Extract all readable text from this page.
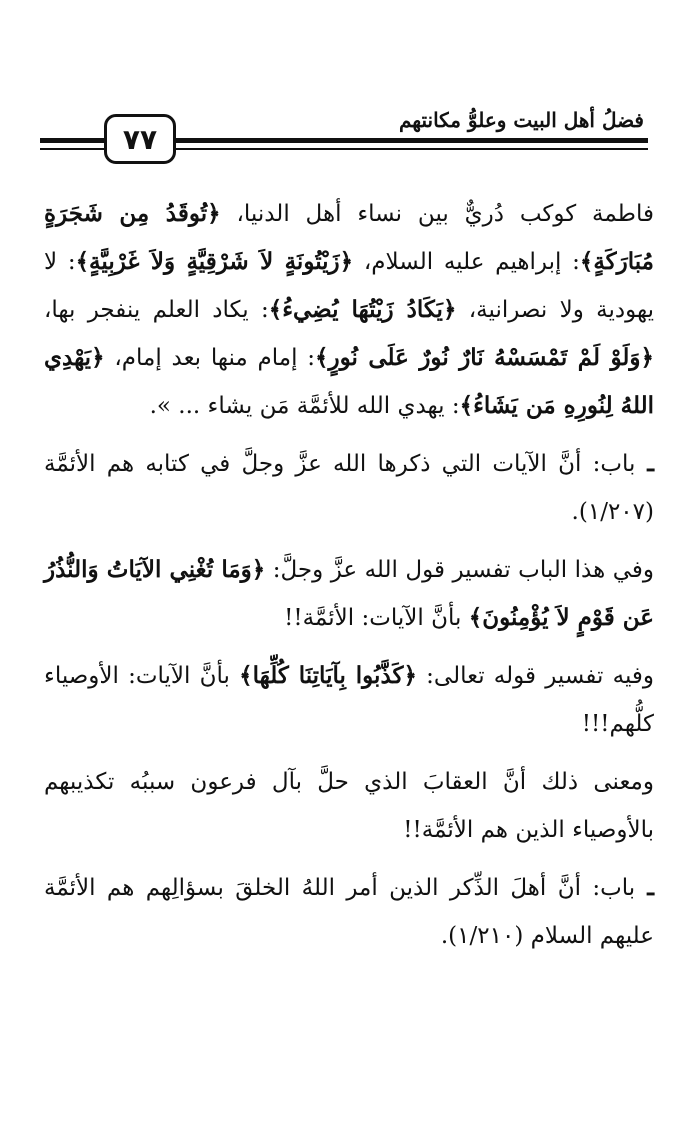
فضلُ أهل البيت وعلوُّ مكانتهم
٧٧

فاطمة كوكب دُريٌّ بين نساء أهل الدنيا، ﴿تُوقَدُ مِن شَجَرَةٍ مُبَارَكَةٍ﴾: إبراهيم عليه السلام، ﴿زَيْتُونَةٍ لاَ شَرْقِيَّةٍ وَلاَ غَرْبِيَّةٍ﴾: لا يهودية ولا نصرانية، ﴿يَكَادُ زَيْتُهَا يُضِيءُ﴾: يكاد العلم ينفجر بها، ﴿وَلَوْ لَمْ تَمْسَسْهُ نَارٌ نُورٌ عَلَى نُورٍ﴾: إمام منها بعد إمام، ﴿يَهْدِي اللهُ لِنُورِهِ مَن يَشَاءُ﴾: يهدي الله للأئمَّة مَن يشاء ... ».

ـ باب: أنَّ الآيات التي ذكرها الله عزَّ وجلَّ في كتابه هم الأئمَّة (١/٢٠٧).

وفي هذا الباب تفسير قول الله عزَّ وجلَّ: ﴿وَمَا تُغْنِي الآيَاتُ وَالنُّذُرُ عَن قَوْمٍ لاَ يُؤْمِنُونَ﴾ بأنَّ الآيات: الأئمَّة!!

وفيه تفسير قوله تعالى: ﴿كَذَّبُوا بِآيَاتِنَا كُلِّهَا﴾ بأنَّ الآيات: الأوصياء كلُّهم!!!

ومعنى ذلك أنَّ العقابَ الذي حلَّ بآل فرعون سببُه تكذيبهم بالأوصياء الذين هم الأئمَّة!!

ـ باب: أنَّ أهلَ الذِّكر الذين أمر اللهُ الخلقَ بسؤالِهم هم الأئمَّة عليهم السلام (١/٢١٠).
